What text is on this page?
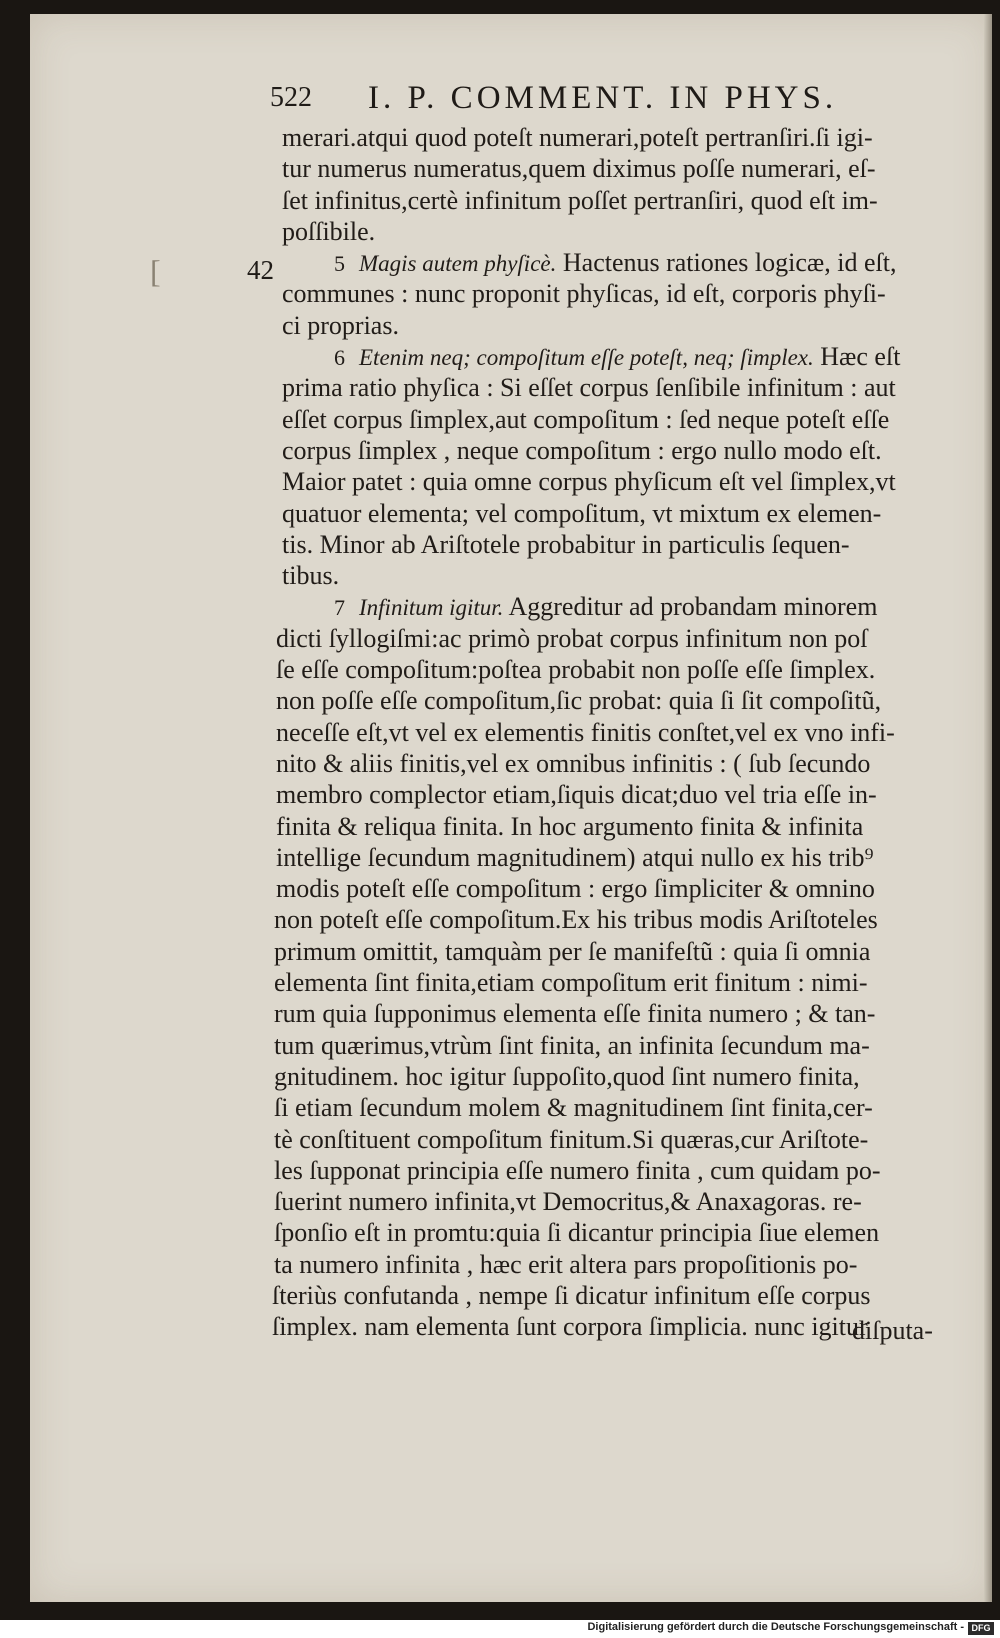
522 I. P. COMMENT. IN PHYS.
[	42
merari.atqui quod poteſt numerari,poteſt pertranſiri.ſi igi-
tur numerus numeratus,quem diximus poſſe numerari, eſ-
ſet infinitus,certè infinitum poſſet pertranſiri, quod eſt im-
poſſibile.
5 Magis autem phyſicè. Hactenus rationes logicæ, id eſt,
communes : nunc proponit phyſicas, id eſt, corporis phyſi-
ci proprias.
6 Etenim neq; compoſitum eſſe poteſt, neq; ſimplex. Hæc eſt
prima ratio phyſica : Si eſſet corpus ſenſibile infinitum : aut
eſſet corpus ſimplex,aut compoſitum : ſed neque poteſt eſſe
corpus ſimplex , neque compoſitum : ergo nullo modo eſt.
Maior patet : quia omne corpus phyſicum eſt vel ſimplex,vt
quatuor elementa; vel compoſitum, vt mixtum ex elemen-
tis. Minor ab Ariſtotele probabitur in particulis ſequen-
tibus.
7 Infinitum igitur. Aggreditur ad probandam minorem
dicti ſyllogiſmi:ac primò probat corpus infinitum non poſ
ſe eſſe compoſitum:poſtea probabit non poſſe eſſe ſimplex.
non poſſe eſſe compoſitum,ſic probat: quia ſi ſit compoſitũ,
neceſſe eſt,vt vel ex elementis finitis conſtet,vel ex vno infi-
nito & aliis finitis,vel ex omnibus infinitis : ( ſub ſecundo
membro complector etiam,ſiquis dicat;duo vel tria eſſe in-
finita & reliqua finita. In hoc argumento finita & infinita
intellige ſecundum magnitudinem) atqui nullo ex his trib⁹
modis poteſt eſſe compoſitum : ergo ſimpliciter & omnino
non poteſt eſſe compoſitum.Ex his tribus modis Ariſtoteles
primum omittit, tamquàm per ſe manifeſtũ : quia ſi omnia
elementa ſint finita,etiam compoſitum erit finitum : nimi-
rum quia ſupponimus elementa eſſe finita numero ; & tan-
tum quærimus,vtrùm ſint finita, an infinita ſecundum ma-
gnitudinem. hoc igitur ſuppoſito,quod ſint numero finita,
ſi etiam ſecundum molem & magnitudinem ſint finita,cer-
tè conſtituent compoſitum finitum.Si quæras,cur Ariſtote-
les ſupponat principia eſſe numero finita , cum quidam po-
ſuerint numero infinita,vt Democritus,& Anaxagoras. re-
ſponſio eſt in promtu:quia ſi dicantur principia ſiue elemen
ta numero infinita , hæc erit altera pars propoſitionis po-
ſteriùs confutanda , nempe ſi dicatur infinitum eſſe corpus
ſimplex. nam elementa ſunt corpora ſimplicia. nunc igitur
diſputa-
Digitalisierung gefördert durch die Deutsche Forschungsgemeinschaft - DFG
